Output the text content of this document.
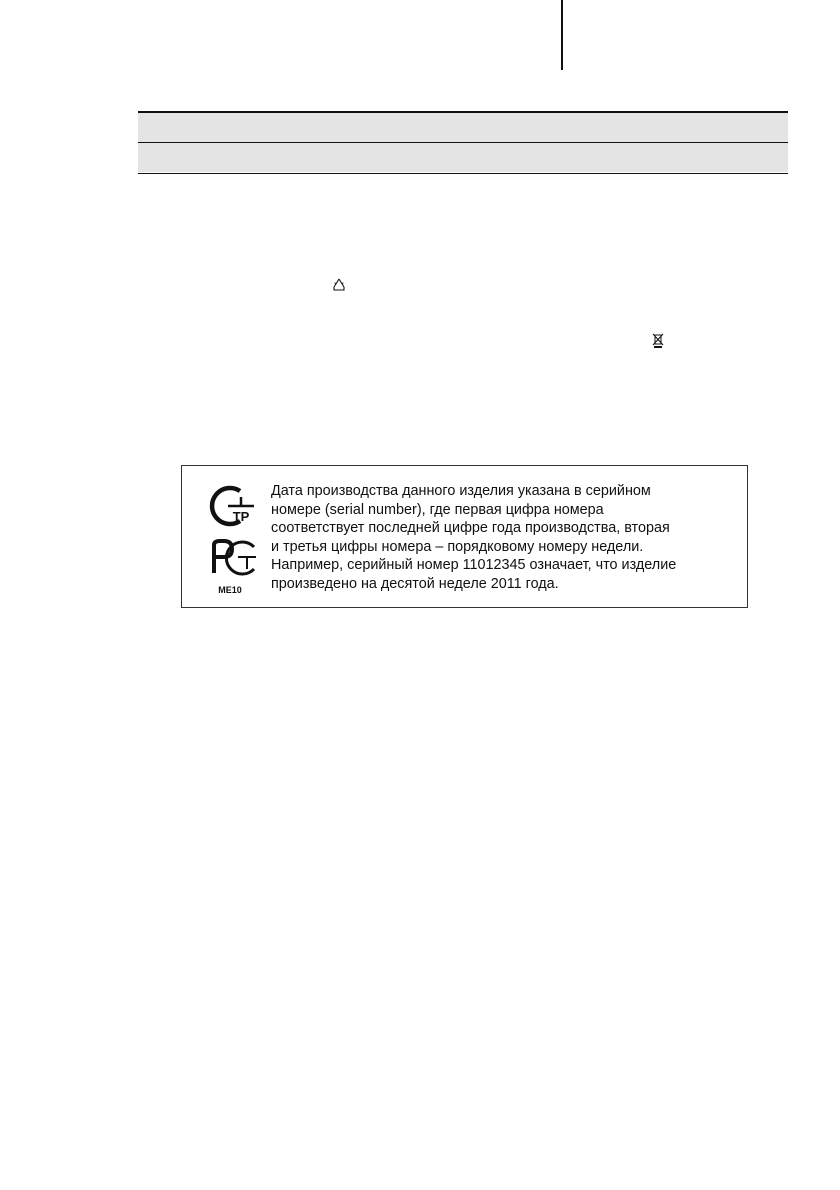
ТР
МЕ10
Дата производства данного изделия указана в серийном
номере (serial number), где первая цифра номера
соответствует последней цифре года производства, вторая
и третья цифры номера – порядковому номеру недели.
Например, серийный номер 11012345 означает, что изделие
произведено на десятой неделе 2011 года.
